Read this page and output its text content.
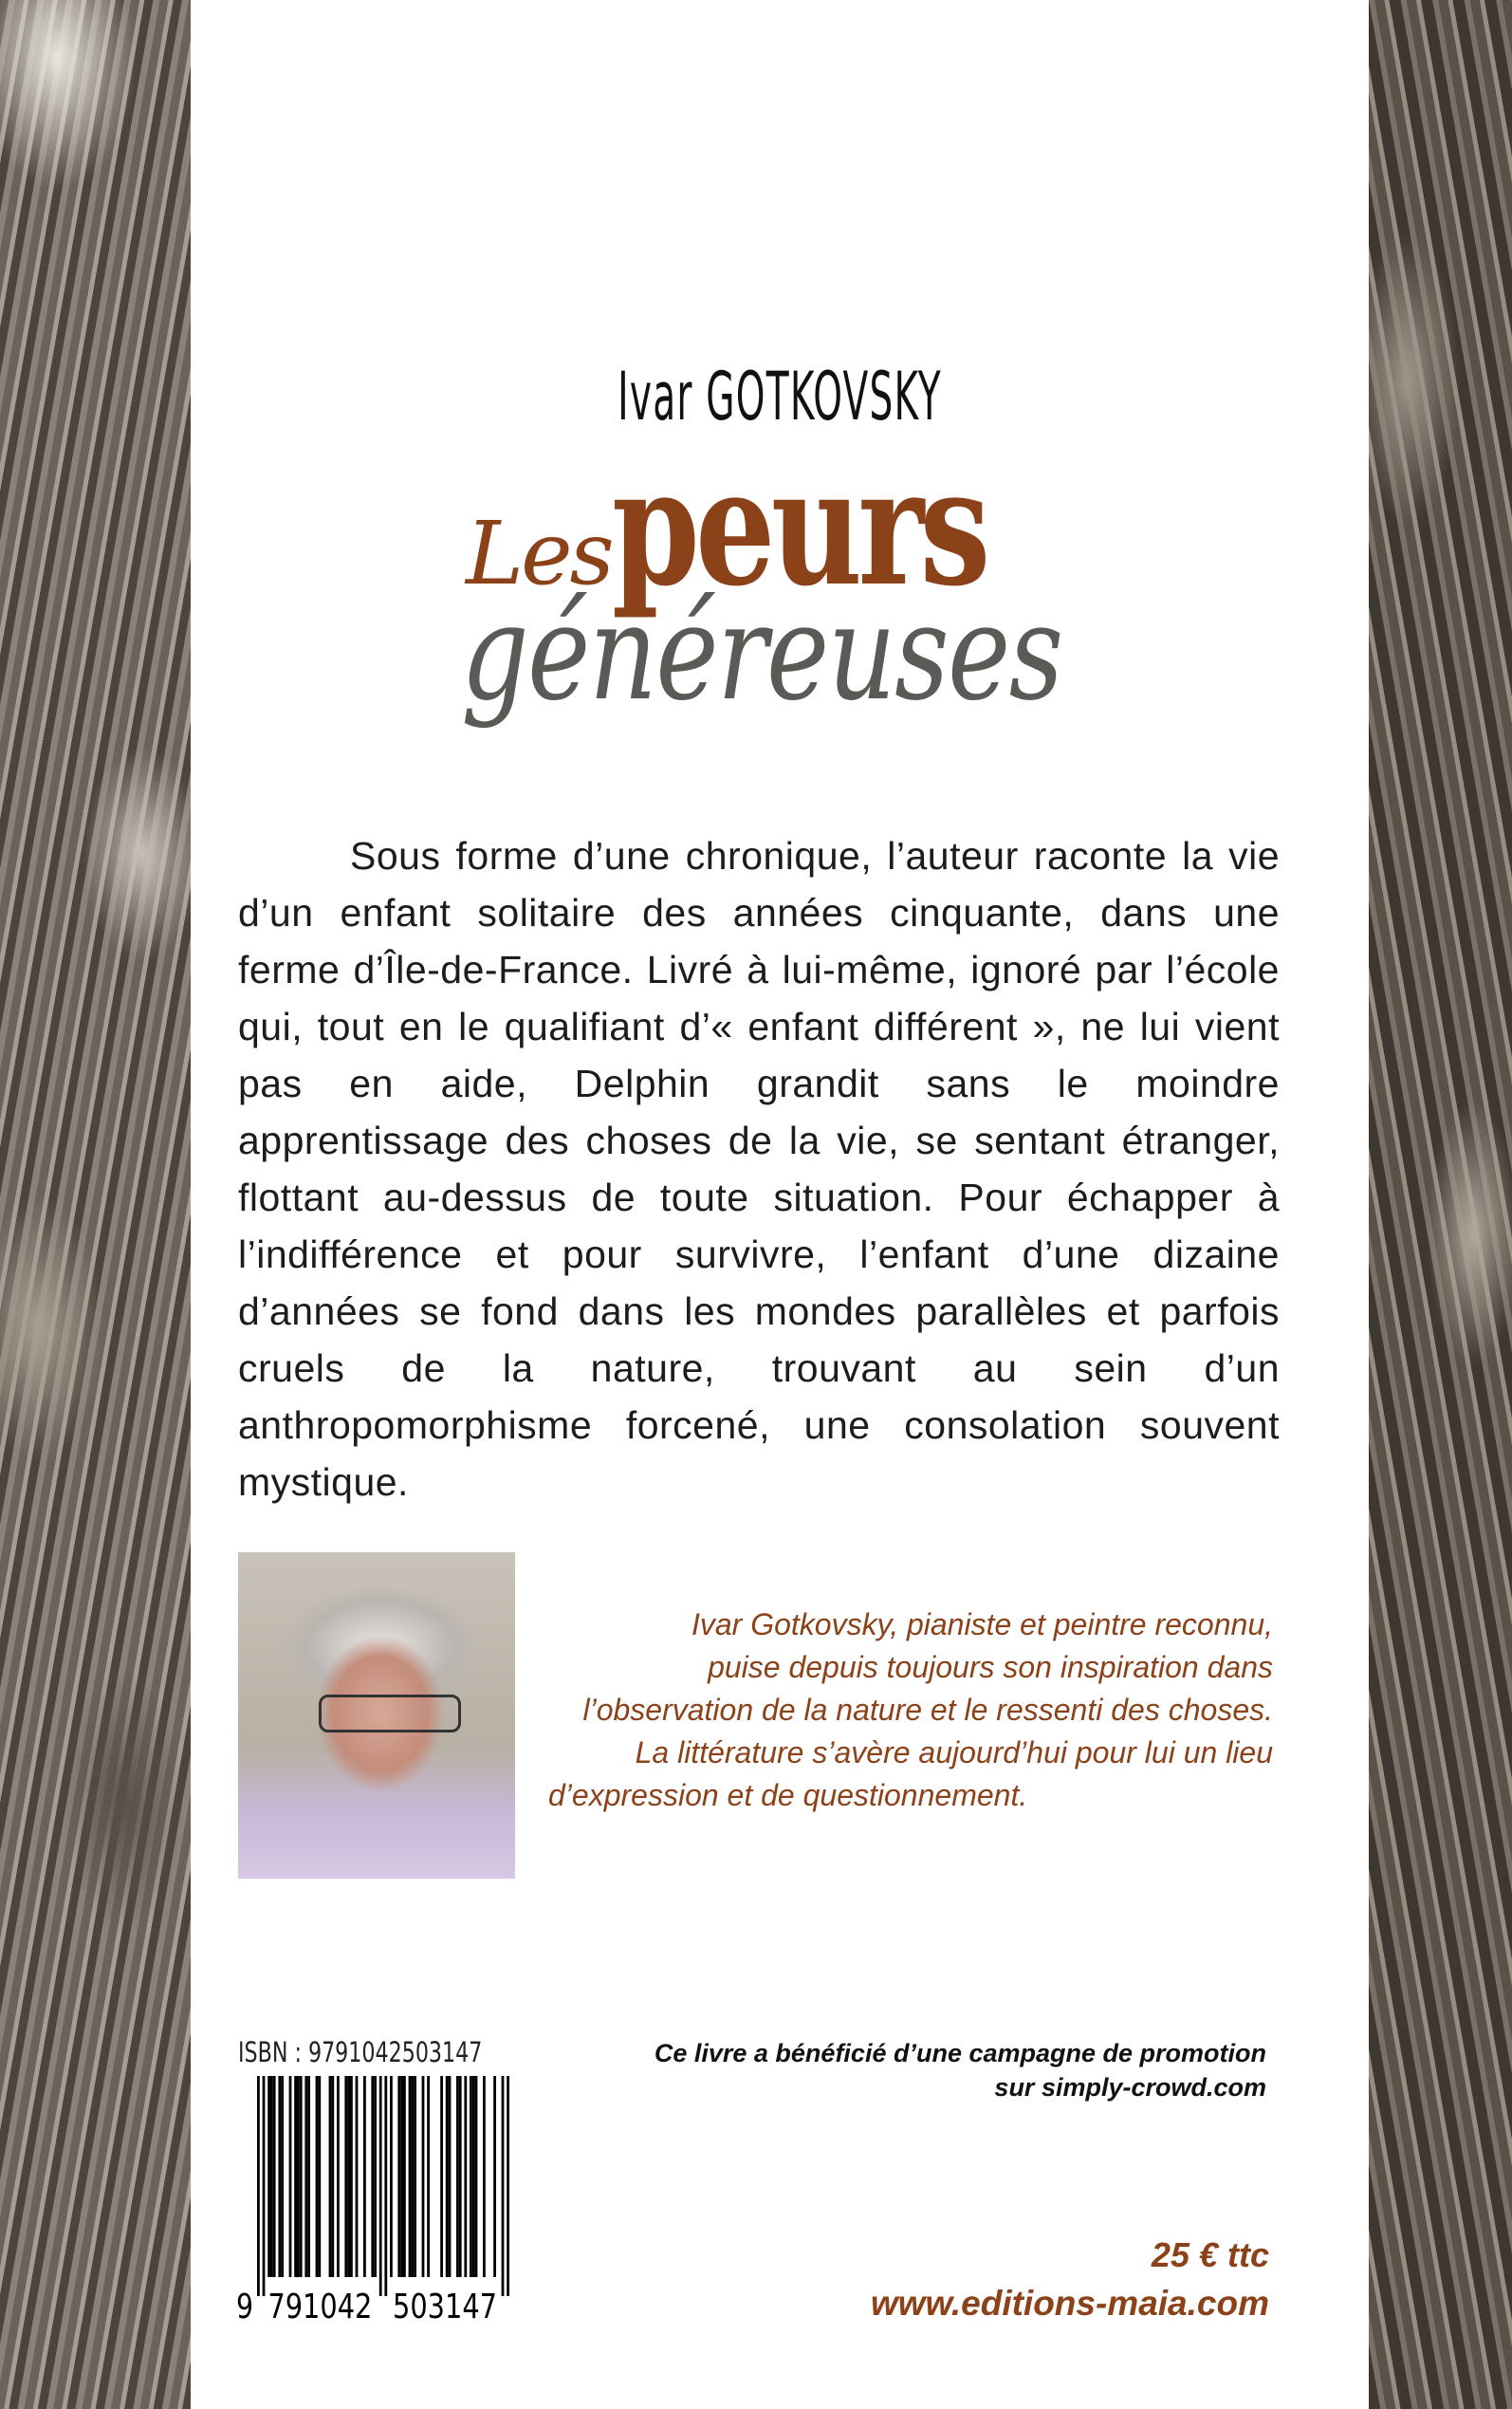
Ivar GOTKOVSKY
Lespeurs
généreuses
Sous forme d’une chronique, l’auteur raconte la vie d’un enfant solitaire des années cinquante, dans une ferme d’Île-de-France. Livré à lui-même, ignoré par l’école qui, tout en le qualifiant d’« enfant différent », ne lui vient pas en aide, Delphin grandit sans le moindre apprentissage des choses de la vie, se sentant étranger, flottant au-dessus de toute situation. Pour échapper à l’indifférence et pour survivre, l’enfant d’une dizaine d’années se fond dans les mondes parallèles et parfois cruels de la nature, trouvant au sein d’un anthropomorphisme forcené, une consolation souvent mystique.
Ivar Gotkovsky, pianiste et peintre reconnu, puise depuis toujours son inspiration dans l’observation de la nature et le ressenti des choses. La littérature s’avère aujourd’hui pour lui un lieu d’expression et de questionnement.
ISBN : 9791042503147
9 791042 503147
Ce livre a bénéficié d’une campagne de promotion
sur simply-crowd.com
25 € ttc
www.editions-maia.com
